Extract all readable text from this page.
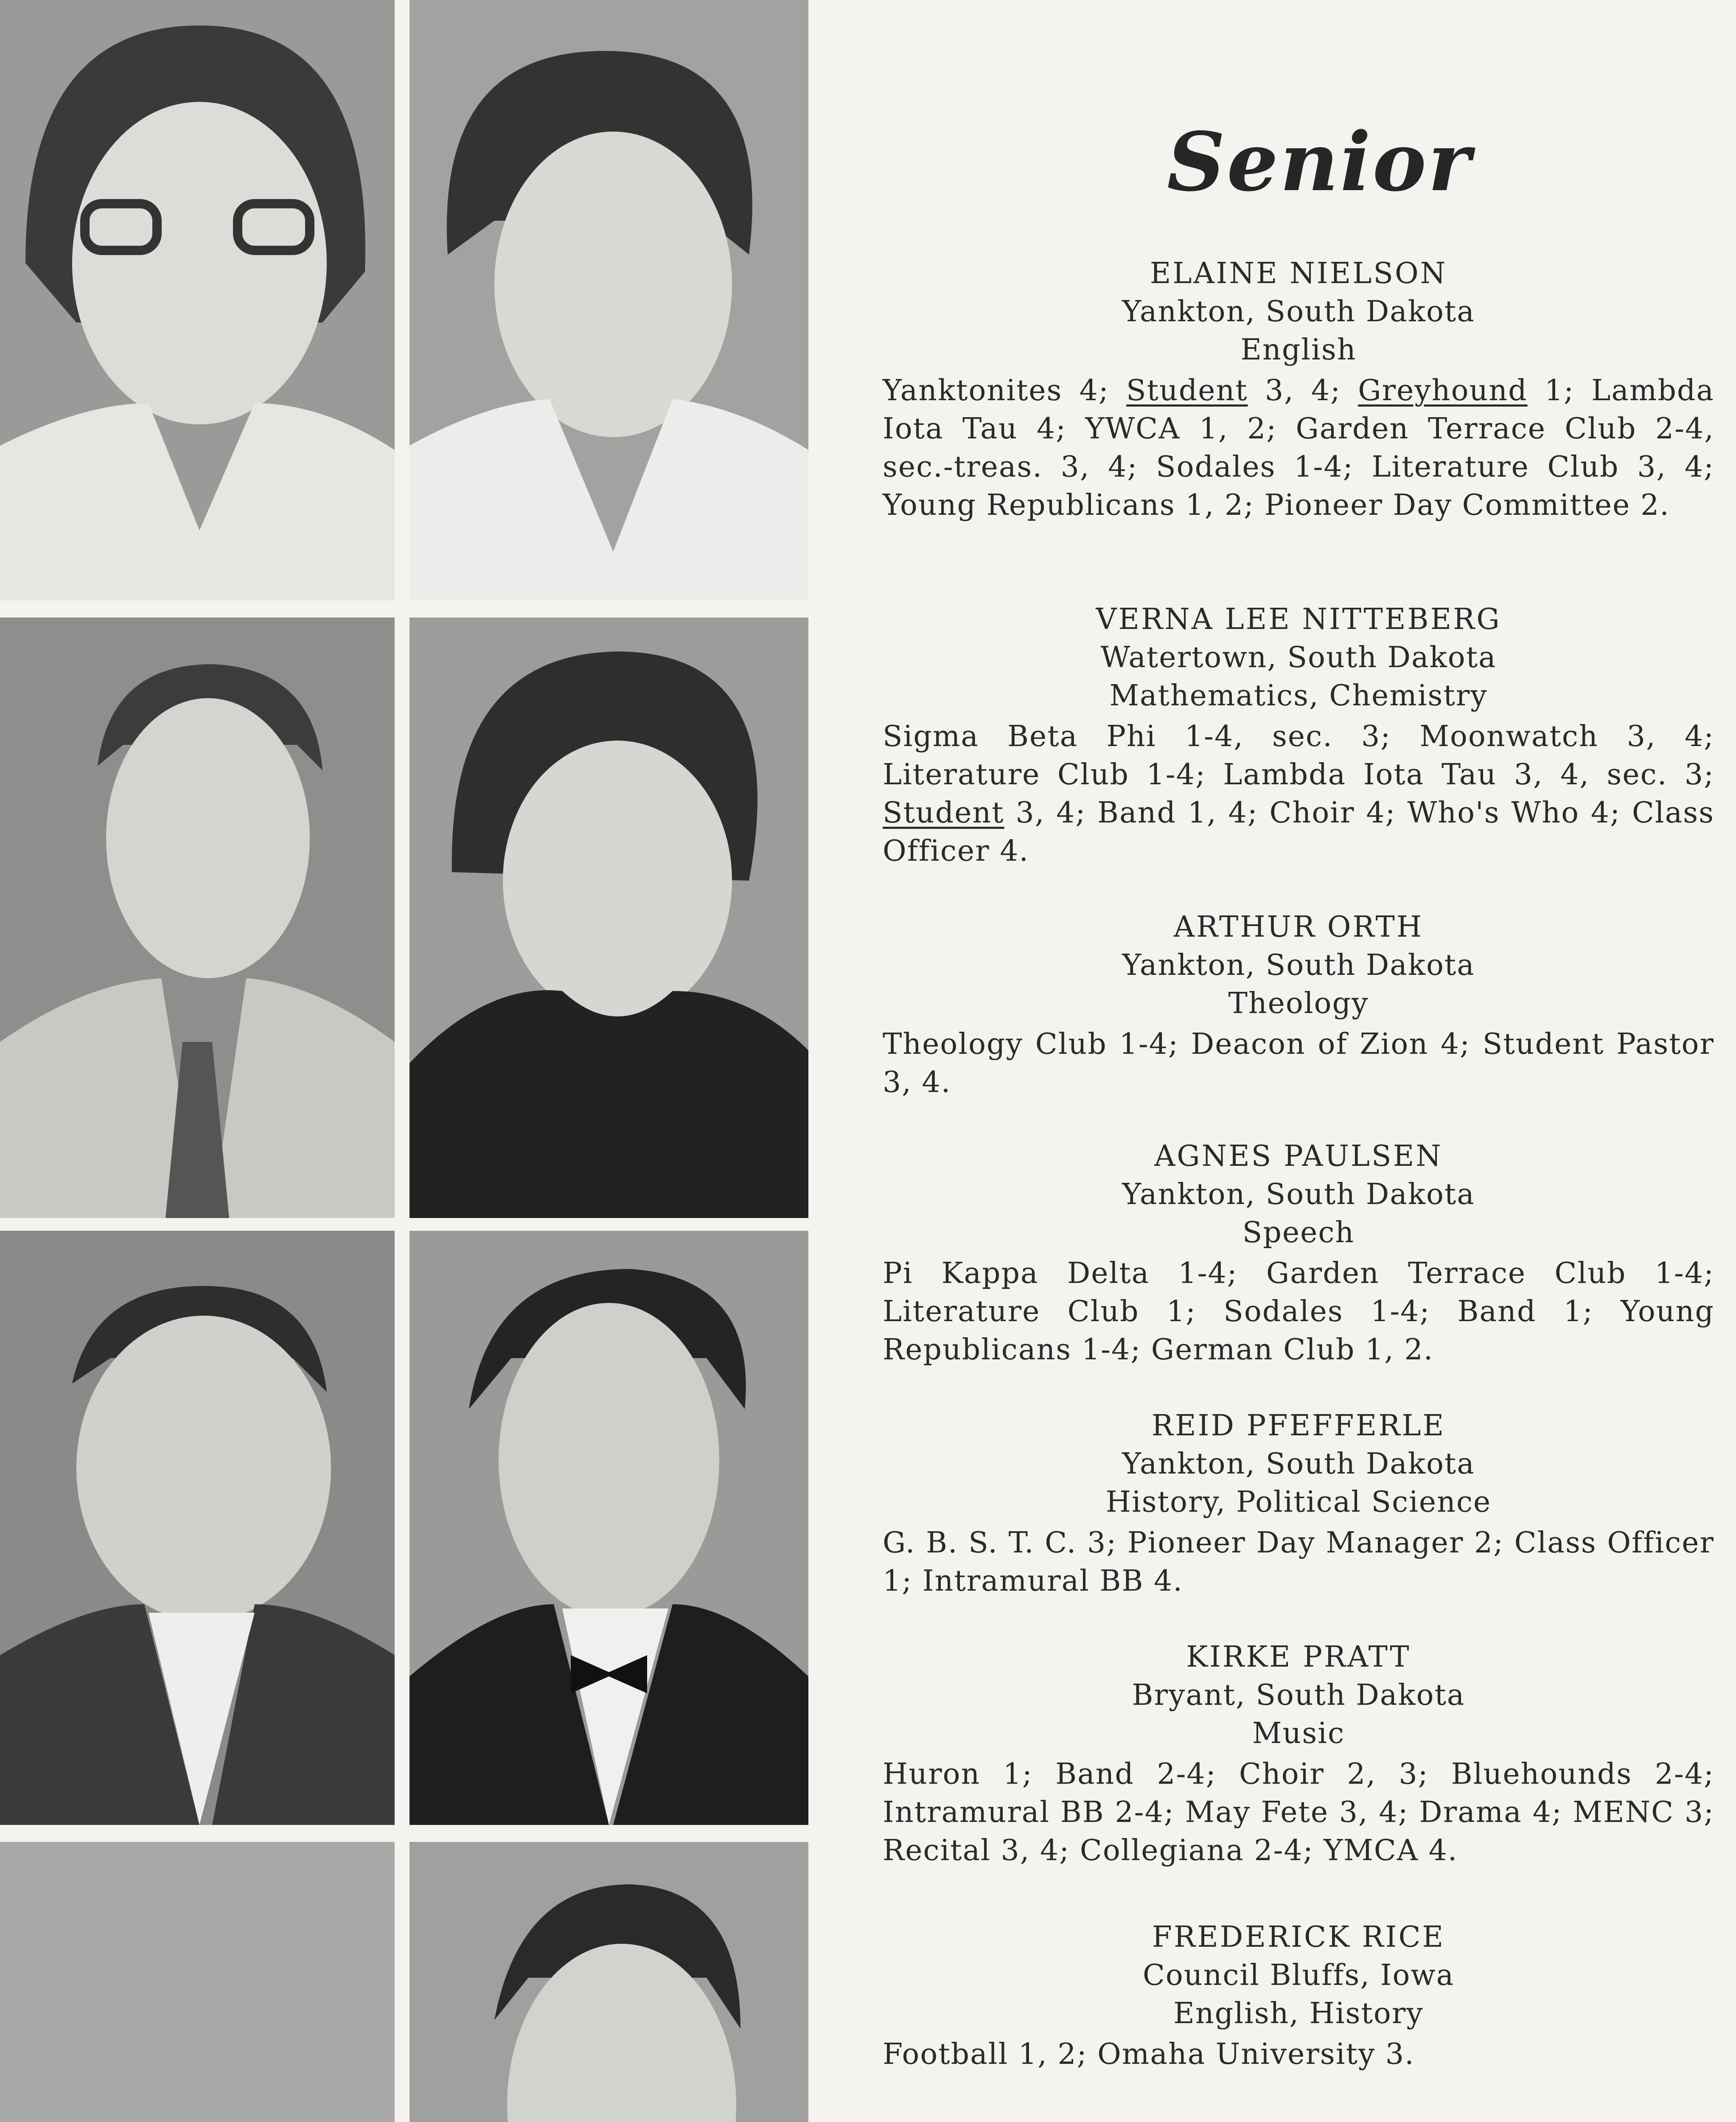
Senior
ELAINE NIELSON
Yankton, South Dakota
English
Yanktonites 4; Student 3, 4; Greyhound 1; Lambda Iota Tau 4; YWCA 1, 2; Garden Terrace Club 2-4, sec.-treas. 3, 4; Sodales 1-4; Literature Club 3, 4; Young Republicans 1, 2; Pioneer Day Committee 2.
VERNA LEE NITTEBERG
Watertown, South Dakota
Mathematics, Chemistry
Sigma Beta Phi 1-4, sec. 3; Moonwatch 3, 4; Literature Club 1-4; Lambda Iota Tau 3, 4, sec. 3; Student 3, 4; Band 1, 4; Choir 4; Who's Who 4; Class Officer 4.
ARTHUR ORTH
Yankton, South Dakota
Theology
Theology Club 1-4; Deacon of Zion 4; Student Pastor 3, 4.
AGNES PAULSEN
Yankton, South Dakota
Speech
Pi Kappa Delta 1-4; Garden Terrace Club 1-4; Literature Club 1; Sodales 1-4; Band 1; Young Republicans 1-4; German Club 1, 2.
REID PFEFFERLE
Yankton, South Dakota
History, Political Science
G. B. S. T. C. 3; Pioneer Day Manager 2; Class Officer 1; Intramural BB 4.
KIRKE PRATT
Bryant, South Dakota
Music
Huron 1; Band 2-4; Choir 2, 3; Bluehounds 2-4; Intramural BB 2-4; May Fete 3, 4; Drama 4; MENC 3; Recital 3, 4; Collegiana 2-4; YMCA 4.
FREDERICK RICE
Council Bluffs, Iowa
English, History
Football 1, 2; Omaha University 3.
